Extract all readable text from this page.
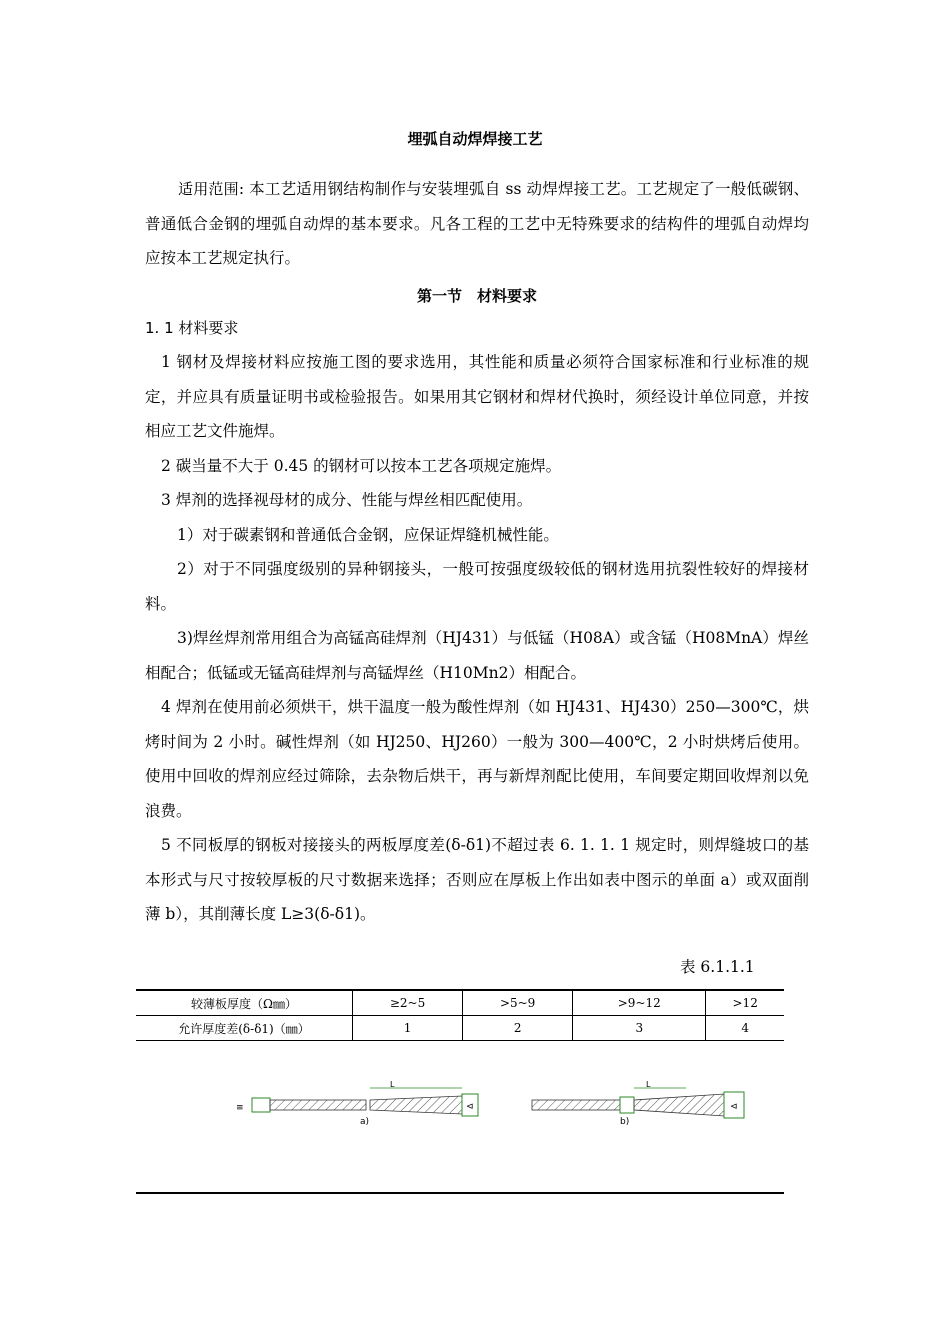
埋弧自动焊焊接工艺

适用范围: 本工艺适用钢结构制作与安装埋弧自 ss 动焊焊接工艺。工艺规定了一般低碳钢、普通低合金钢的埋弧自动焊的基本要求。凡各工程的工艺中无特殊要求的结构件的埋弧自动焊均应按本工艺规定执行。

第一节　材料要求
1. 1 材料要求

1 钢材及焊接材料应按施工图的要求选用，其性能和质量必须符合国家标准和行业标准的规定，并应具有质量证明书或检验报告。如果用其它钢材和焊材代换时，须经设计单位同意，并按相应工艺文件施焊。

2 碳当量不大于 0.45 的钢材可以按本工艺各项规定施焊。

3 焊剂的选择视母材的成分、性能与焊丝相匹配使用。

1）对于碳素钢和普通低合金钢，应保证焊缝机械性能。

2）对于不同强度级别的异种钢接头，一般可按强度级较低的钢材选用抗裂性较好的焊接材料。

3)焊丝焊剂常用组合为高锰高硅焊剂（HJ431）与低锰（H08A）或含锰（H08MnA）焊丝相配合；低锰或无锰高硅焊剂与高锰焊丝（H10Mn2）相配合。

4 焊剂在使用前必须烘干，烘干温度一般为酸性焊剂（如 HJ431、HJ430）250—300℃，烘烤时间为 2 小时。碱性焊剂（如 HJ250、HJ260）一般为 300—400℃，2 小时烘烤后使用。使用中回收的焊剂应经过筛除，去杂物后烘干，再与新焊剂配比使用，车间要定期回收焊剂以免浪费。

5 不同板厚的钢板对接接头的两板厚度差(δ-δ1)不超过表 6. 1. 1. 1 规定时，则焊缝坡口的基本形式与尺寸按较厚板的尺寸数据来选择；否则应在厚板上作出如表中图示的单面 a）或双面削薄 b），其削薄长度 L≥3(δ-δ1)。

表 6.1.1.1
较薄板厚度（Ω㎜）	≥2~5	>5~9	>9~12	>12
允许厚度差(δ-δ1)（㎜）	1	2	3	4
≡	⊲
L
a)
⊲
L
b)
